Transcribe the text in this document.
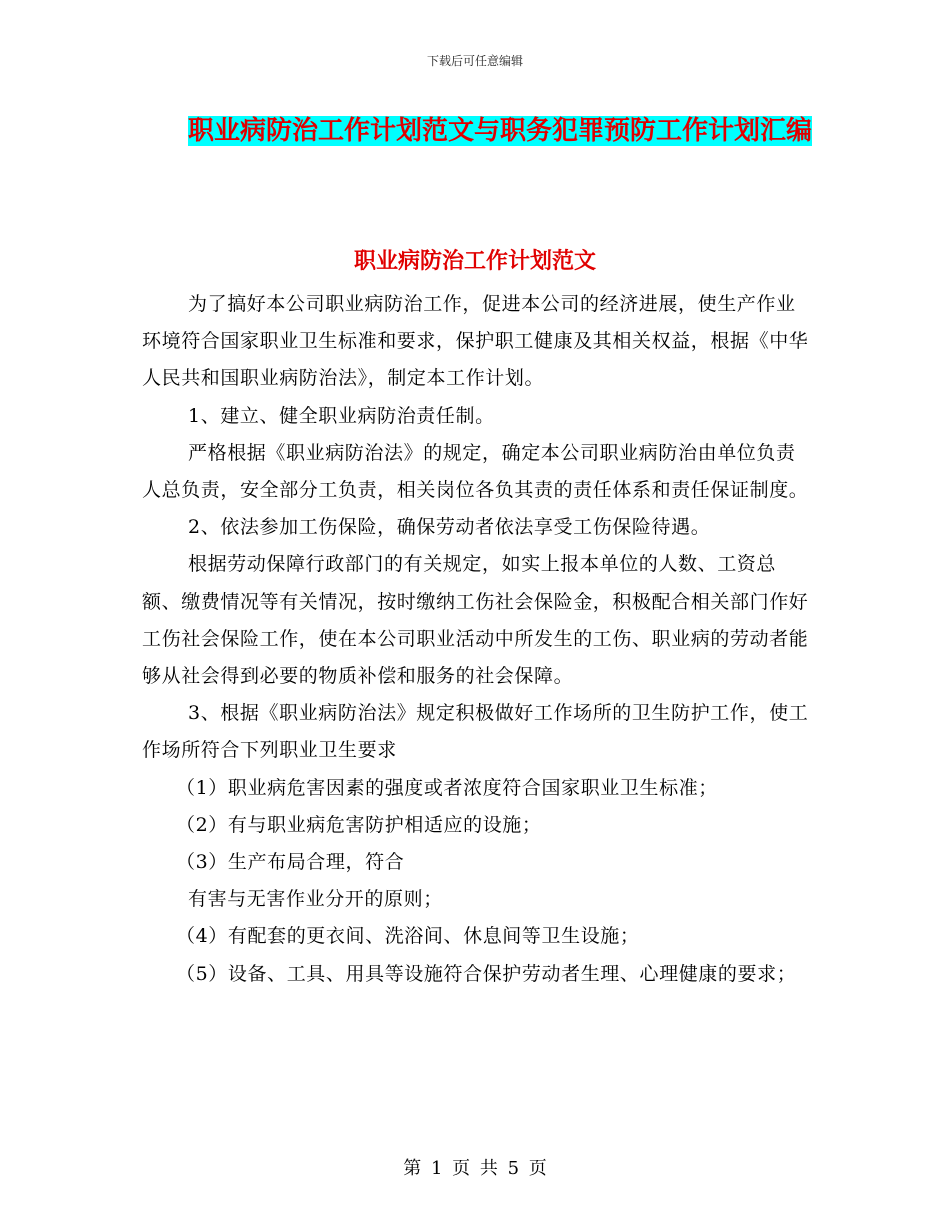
下载后可任意编辑
职业病防治工作计划范文与职务犯罪预防工作计划汇编
职业病防治工作计划范文

为了搞好本公司职业病防治工作，促进本公司的经济进展，使生产作业环境符合国家职业卫生标准和要求，保护职工健康及其相关权益，根据《中华人民共和国职业病防治法》，制定本工作计划。

1、建立、健全职业病防治责任制。

严格根据《职业病防治法》的规定，确定本公司职业病防治由单位负责人总负责，安全部分工负责，相关岗位各负其责的责任体系和责任保证制度。

2、依法参加工伤保险，确保劳动者依法享受工伤保险待遇。

根据劳动保障行政部门的有关规定，如实上报本单位的人数、工资总额、缴费情况等有关情况，按时缴纳工伤社会保险金，积极配合相关部门作好工伤社会保险工作，使在本公司职业活动中所发生的工伤、职业病的劳动者能够从社会得到必要的物质补偿和服务的社会保障。

3、根据《职业病防治法》规定积极做好工作场所的卫生防护工作，使工作场所符合下列职业卫生要求

（1）职业病危害因素的强度或者浓度符合国家职业卫生标准；

（2）有与职业病危害防护相适应的设施；

（3）生产布局合理，符合

有害与无害作业分开的原则；

（4）有配套的更衣间、洗浴间、休息间等卫生设施；

（5）设备、工具、用具等设施符合保护劳动者生理、心理健康的要求；

第 1 页 共 5 页
